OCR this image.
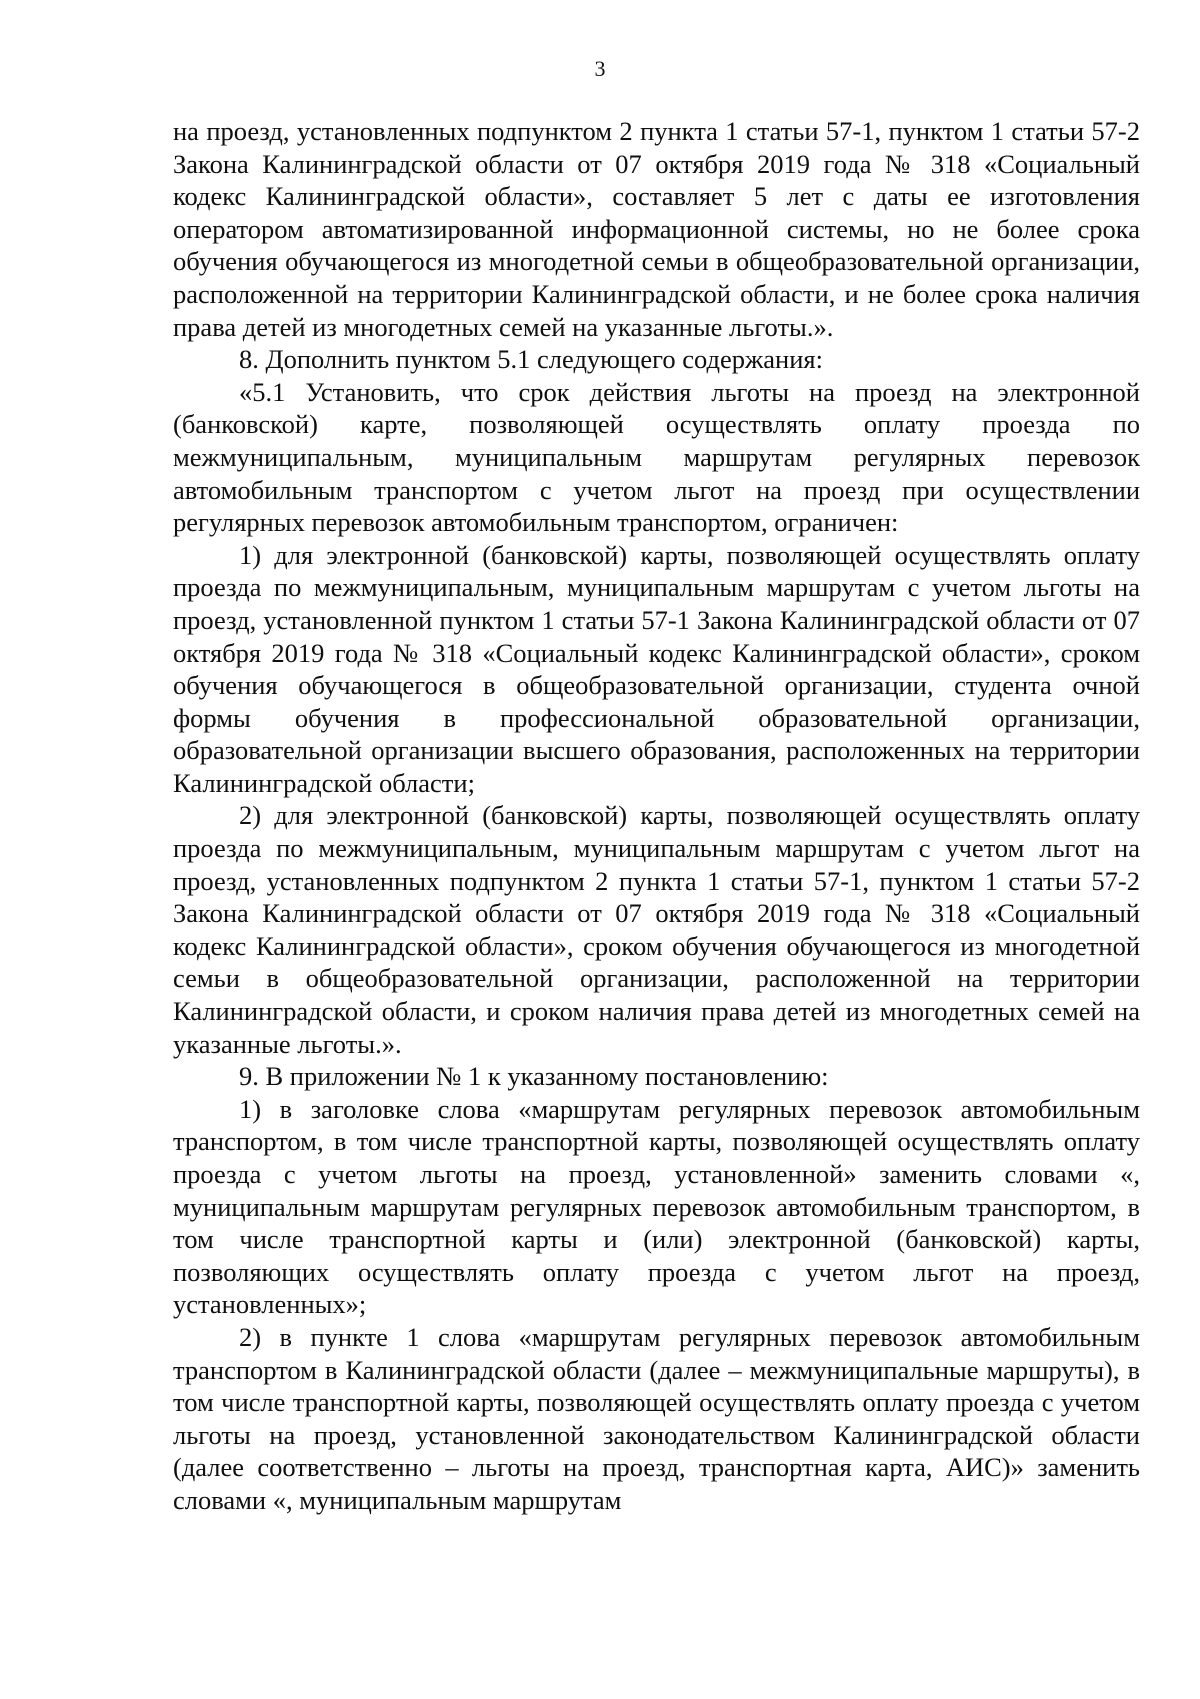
3

на проезд, установленных подпунктом 2 пункта 1 статьи 57-1, пунктом 1 статьи 57-2 Закона Калининградской области от 07 октября 2019 года № 318 «Социальный кодекс Калининградской области», составляет 5 лет с даты ее изготовления оператором автоматизированной информационной системы, но не более срока обучения обучающегося из многодетной семьи в общеобразовательной организации, расположенной на территории Калининградской области, и не более срока наличия права детей из многодетных семей на указанные льготы.».

8. Дополнить пунктом 5.1 следующего содержания:

«5.1 Установить, что срок действия льготы на проезд на электронной (банковской) карте, позволяющей осуществлять оплату проезда по межмуниципальным, муниципальным маршрутам регулярных перевозок автомобильным транспортом с учетом льгот на проезд при осуществлении регулярных перевозок автомобильным транспортом, ограничен:

1) для электронной (банковской) карты, позволяющей осуществлять оплату проезда по межмуниципальным, муниципальным маршрутам с учетом льготы на проезд, установленной пунктом 1 статьи 57-1 Закона Калининградской области от 07 октября 2019 года № 318 «Социальный кодекс Калининградской области», сроком обучения обучающегося в общеобразовательной организации, студента очной формы обучения в профессиональной образовательной организации, образовательной организации высшего образования, расположенных на территории Калининградской области;

2) для электронной (банковской) карты, позволяющей осуществлять оплату проезда по межмуниципальным, муниципальным маршрутам с учетом льгот на проезд, установленных подпунктом 2 пункта 1 статьи 57-1, пунктом 1 статьи 57-2 Закона Калининградской области от 07 октября 2019 года № 318 «Социальный кодекс Калининградской области», сроком обучения обучающегося из многодетной семьи в общеобразовательной организации, расположенной на территории Калининградской области, и сроком наличия права детей из многодетных семей на указанные льготы.».

9. В приложении № 1 к указанному постановлению:

1) в заголовке слова «маршрутам регулярных перевозок автомобильным транспортом, в том числе транспортной карты, позволяющей осуществлять оплату проезда с учетом льготы на проезд, установленной» заменить словами «, муниципальным маршрутам регулярных перевозок автомобильным транспортом, в том числе транспортной карты и (или) электронной (банковской) карты, позволяющих осуществлять оплату проезда с учетом льгот на проезд, установленных»;

2) в пункте 1 слова «маршрутам регулярных перевозок автомобильным транспортом в Калининградской области (далее – межмуниципальные маршруты), в том числе транспортной карты, позволяющей осуществлять оплату проезда с учетом льготы на проезд, установленной законодательством Калининградской области (далее соответственно – льготы на проезд, транспортная карта, АИС)» заменить словами «, муниципальным маршрутам
